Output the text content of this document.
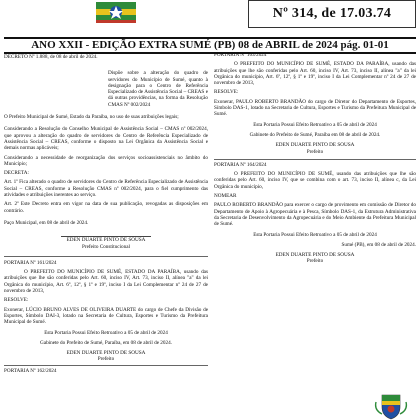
Nº 314, de 17.03.74
ANO XXII - EDIÇÃO EXTRA SUMÉ (PB) 08 de ABRIL de 2024 pág. 01-01

DECRETO Nº 1.888, de 08 de abril de 2024.

Dispõe sobre a alteração do quadro de servidores do Município de Sumé, quanto à designação para o Centro de Referência Especializado de Assistência Social – CREAS e dá outras providências, na forma da Resolução CMAS Nº 002/2024

O Prefeito Municipal de Sumé, Estado da Paraíba, no uso de suas atribuições legais;

Considerando a Resolução do Conselho Municipal de Assistência Social – CMAS nº 002/2024, que aprovou a alteração do quadro de servidores do Centro de Referência Especializado de Assistência Social – CREAS, conforme o disposto na Lei Orgânica da Assistência Social e demais normas aplicáveis;

Considerando a necessidade de reorganização dos serviços socioassistenciais no âmbito do Município;

DECRETA:

Art. 1º Fica alterado o quadro de servidores do Centro de Referência Especializado de Assistência Social – CREAS, conforme a Resolução CMAS nº 002/2024, para o fiel cumprimento das atividades e atribuições inerentes ao serviço.

Art. 2º Este Decreto entra em vigor na data de sua publicação, revogadas as disposições em contrário.

Paço Municipal, em 08 de abril de 2024.

EDEN DUARTE PINTO DE SOUSA

Prefeito Constitucional

PORTARIA Nº 161/2024

O PREFEITO DO MUNICÍPIO DE SUMÉ, ESTADO DA PARAÍBA, usando das atribuições que lhe são conferidas pelo Art. 60, inciso IV, Art. 73, inciso II, alínea "a" da lei Orgânica do município, Art. 6º, 12º, § 1º e 19º, inciso I da Lei Complementar nº 24 de 27 de novembro de 2013,

RESOLVE:

Exonerar, LÚCIO BRUNO ALVES DE OLIVEIRA DUARTE do cargo de Chefe da Divisão de Esportes, Símbolo DAI-3, lotado na Secretaria de Cultura, Esportes e Turismo da Prefeitura Municipal de Sumé.

Esta Portaria Possui Efeito Retroativo a 05 de abril de 2024

Gabinete do Prefeito de Sumé, Paraíba, em 08 de abril de 2024.

EDEN DUARTE PINTO DE SOUSA

Prefeito

PORTARIA Nº 162/2024

PORTARIA Nº 163/2024

O PREFEITO DO MUNICÍPIO DE SUMÉ, ESTADO DA PARAÍBA, usando das atribuições que lhe são conferidas pelo Art. 60, inciso IV, Art. 73, inciso II, alínea "a" da lei Orgânica do município, Art. 6º, 12º, § 1º e 19º, inciso I da Lei Complementar nº 24 de 27 de novembro de 2013,

RESOLVE:

Exonerar, PAULO ROBERTO BRANDÃO do cargo de Diretor do Departamento de Esportes, Símbolo DAS-1, lotado na Secretaria de Cultura, Esportes e Turismo da Prefeitura Municipal de Sumé.

Esta Portaria Possui Efeito Retroativo a 05 de abril de 2024

Gabinete do Prefeito de Sumé, Paraíba em 08 de abril de 2024.

EDEN DUARTE PINTO DE SOUSA

Prefeito

PORTARIA Nº 164/2024

O PREFEITO DO MUNICÍPIO DE SUMÉ, usando das atribuições que lhe são conferidas pelo Art. 60, inciso IV, que se combina com o art. 73, inciso II, alínea c, da Lei Orgânica do município,

NOMEAR

PAULO ROBERTO BRANDÃO para exercer o cargo de provimento em comissão de Diretor do Departamento de Apoio à Agropecuária e à Pesca, Símbolo DAS-1, da Estrutura Administrativa da Secretaria de Desenvolvimento da Agropecuária e do Meio Ambiente da Prefeitura Municipal de Sumé.

Esta Portaria Possui Efeito Retroativo a 05 de abril de 2024

Sumé (PB), em 08 de abril de 2024.

EDEN DUARTE PINTO DE SOUSA

Prefeito
